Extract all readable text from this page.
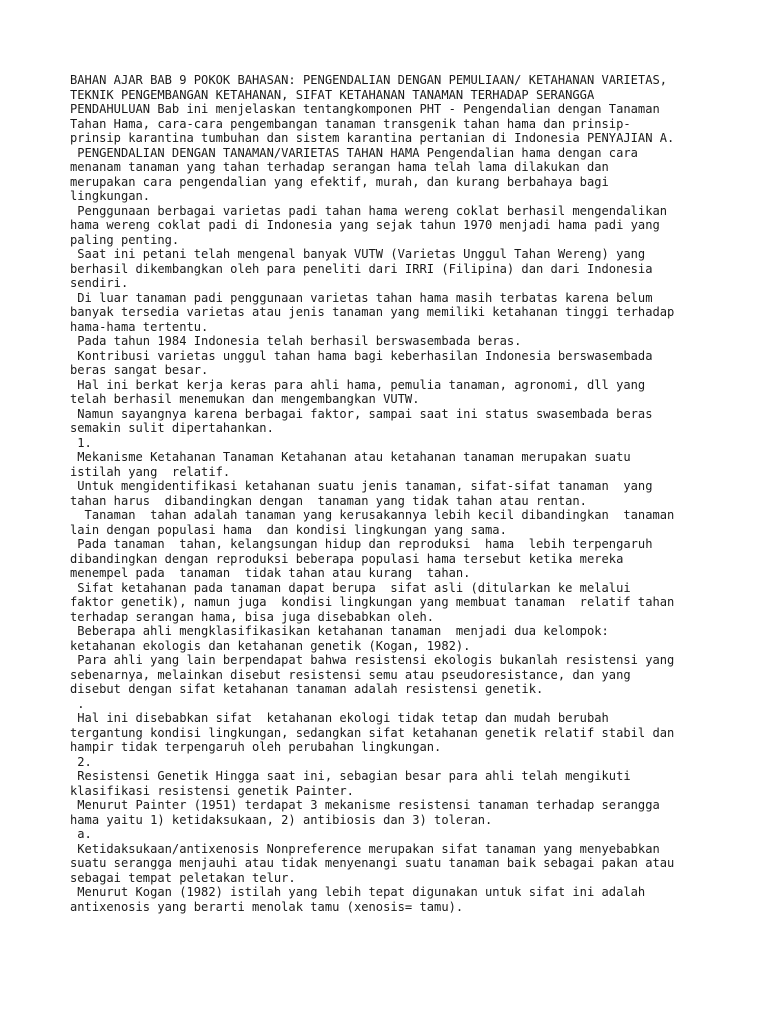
BAHAN AJAR BAB 9 POKOK BAHASAN: PENGENDALIAN DENGAN PEMULIAAN/ KETAHANAN VARIETAS,
TEKNIK PENGEMBANGAN KETAHANAN, SIFAT KETAHANAN TANAMAN TERHADAP SERANGGA
PENDAHULUAN Bab ini menjelaskan tentangkomponen PHT - Pengendalian dengan Tanaman
Tahan Hama, cara-cara pengembangan tanaman transgenik tahan hama dan prinsip-
prinsip karantina tumbuhan dan sistem karantina pertanian di Indonesia PENYAJIAN A.
PENGENDALIAN DENGAN TANAMAN/VARIETAS TAHAN HAMA Pengendalian hama dengan cara
menanam tanaman yang tahan terhadap serangan hama telah lama dilakukan dan
merupakan cara pengendalian yang efektif, murah, dan kurang berbahaya bagi
lingkungan.
Penggunaan berbagai varietas padi tahan hama wereng coklat berhasil mengendalikan
hama wereng coklat padi di Indonesia yang sejak tahun 1970 menjadi hama padi yang
paling penting.
Saat ini petani telah mengenal banyak VUTW (Varietas Unggul Tahan Wereng) yang
berhasil dikembangkan oleh para peneliti dari IRRI (Filipina) dan dari Indonesia
sendiri.
Di luar tanaman padi penggunaan varietas tahan hama masih terbatas karena belum
banyak tersedia varietas atau jenis tanaman yang memiliki ketahanan tinggi terhadap
hama-hama tertentu.
Pada tahun 1984 Indonesia telah berhasil berswasembada beras.
Kontribusi varietas unggul tahan hama bagi keberhasilan Indonesia berswasembada
beras sangat besar.
Hal ini berkat kerja keras para ahli hama, pemulia tanaman, agronomi, dll yang
telah berhasil menemukan dan mengembangkan VUTW.
Namun sayangnya karena berbagai faktor, sampai saat ini status swasembada beras
semakin sulit dipertahankan.
1.
Mekanisme Ketahanan Tanaman Ketahanan atau ketahanan tanaman merupakan suatu
istilah yang  relatif.
Untuk mengidentifikasi ketahanan suatu jenis tanaman, sifat-sifat tanaman  yang
tahan harus  dibandingkan dengan  tanaman yang tidak tahan atau rentan.
Tanaman  tahan adalah tanaman yang kerusakannya lebih kecil dibandingkan  tanaman
lain dengan populasi hama  dan kondisi lingkungan yang sama.
Pada tanaman  tahan, kelangsungan hidup dan reproduksi  hama  lebih terpengaruh
dibandingkan dengan reproduksi beberapa populasi hama tersebut ketika mereka
menempel pada  tanaman  tidak tahan atau kurang  tahan.
Sifat ketahanan pada tanaman dapat berupa  sifat asli (ditularkan ke melalui
faktor genetik), namun juga  kondisi lingkungan yang membuat tanaman  relatif tahan
terhadap serangan hama, bisa juga disebabkan oleh.
Beberapa ahli mengklasifikasikan ketahanan tanaman  menjadi dua kelompok:
ketahanan ekologis dan ketahanan genetik (Kogan, 1982).
Para ahli yang lain berpendapat bahwa resistensi ekologis bukanlah resistensi yang
sebenarnya, melainkan disebut resistensi semu atau pseudoresistance, dan yang
disebut dengan sifat ketahanan tanaman adalah resistensi genetik.
.
Hal ini disebabkan sifat  ketahanan ekologi tidak tetap dan mudah berubah
tergantung kondisi lingkungan, sedangkan sifat ketahanan genetik relatif stabil dan
hampir tidak terpengaruh oleh perubahan lingkungan.
2.
Resistensi Genetik Hingga saat ini, sebagian besar para ahli telah mengikuti
klasifikasi resistensi genetik Painter.
Menurut Painter (1951) terdapat 3 mekanisme resistensi tanaman terhadap serangga
hama yaitu 1) ketidaksukaan, 2) antibiosis dan 3) toleran.
a.
Ketidaksukaan/antixenosis Nonpreference merupakan sifat tanaman yang menyebabkan
suatu serangga menjauhi atau tidak menyenangi suatu tanaman baik sebagai pakan atau
sebagai tempat peletakan telur.
Menurut Kogan (1982) istilah yang lebih tepat digunakan untuk sifat ini adalah
antixenosis yang berarti menolak tamu (xenosis= tamu).
